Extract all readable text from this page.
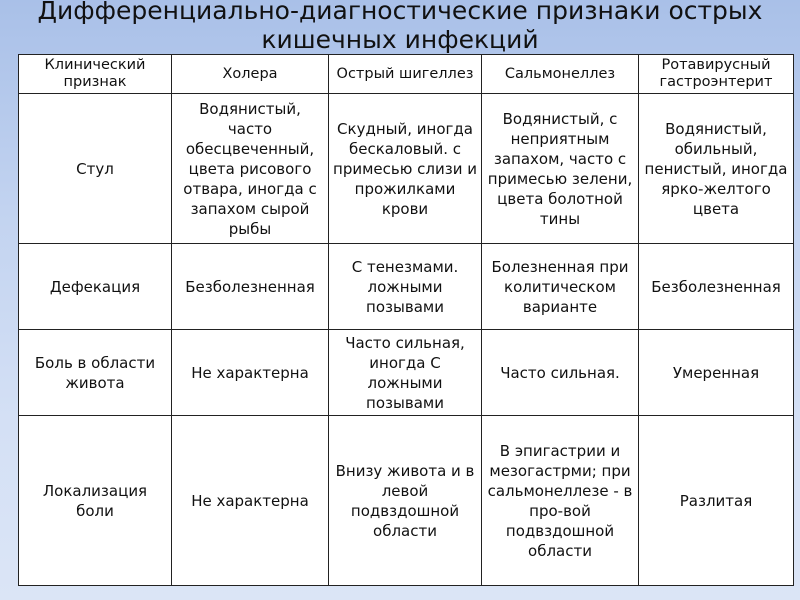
Дифференциально-диагностические признаки острых
кишечных инфекций
Клинический признак	Холера	Острый шигеллез	Сальмонеллез	Ротавирусный гастроэнтерит
Стул	Водянистый, часто обесцвеченный, цвета рисового отвара, иногда с запахом сырой рыбы	Скудный, иногда бескаловый. с примесью слизи и прожилками крови	Водянистый, с неприятным запахом, часто с примесью зелени, цвета болотной тины	Водянистый, обильный, пенистый, иногда ярко-желтого цвета
Дефекация	Безболезненная	С тенезмами. ложными позывами	Болезненная при колитическом варианте	Безболезненная
Боль в области живота	Не характерна	Часто сильная, иногда С ложными позывами	Часто сильная.	Умеренная
Локализация боли	Не характерна	Внизу живота и в левой подвздошной области	В эпигастрии и мезогастрми; при сальмонеллезе - в про-вой подвздошной области	Разлитая
